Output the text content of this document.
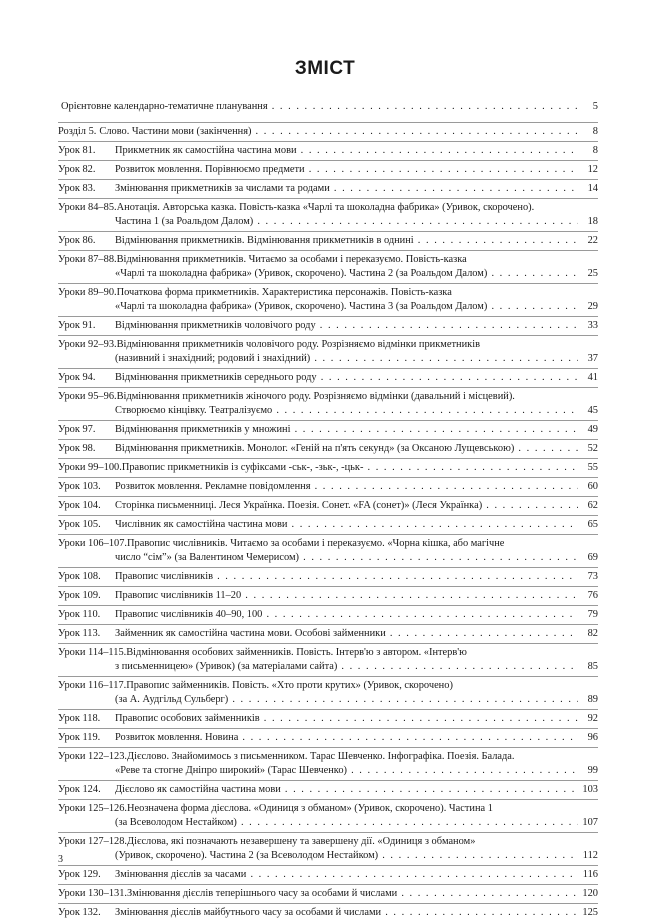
ЗМІСТ
Орієнтовне календарно-тематичне планування . . .	5
Розділ 5. Слово. Частини мови (закінчення) . . .	8
Урок 81.	Прикметник як самостійна частина мови . . .	8
Урок 82.	Розвиток мовлення. Порівнюємо предмети . . .	12
Урок 83.	Змінювання прикметників за числами та родами . . .	14
Уроки 84–85. Анотація. Авторська казка. Повість-казка «Чарлі та шоколадна фабрика» (Уривок, скорочено).
Частина 1 (за Роальдом Далом) . . .	18
Урок 86.	Відмінювання прикметників. Відмінювання прикметників в однині . . .	22
Уроки 87–88. Відмінювання прикметників. Читаємо за особами і переказуємо. Повість-казка
«Чарлі та шоколадна фабрика» (Уривок, скорочено). Частина 2 (за Роальдом Далом) . . .	25
Уроки 89–90. Початкова форма прикметників. Характеристика персонажів. Повість-казка
«Чарлі та шоколадна фабрика» (Уривок, скорочено). Частина 3 (за Роальдом Далом) . . .	29
Урок 91.	Відмінювання прикметників чоловічого роду . . .	33
Уроки 92–93. Відмінювання прикметників чоловічого роду. Розрізняємо відмінки прикметників
(називний і знахідний; родовий і знахідний) . . .	37
Урок 94.	Відмінювання прикметників середнього роду . . .	41
Уроки 95–96. Відмінювання прикметників жіночого роду. Розрізняємо відмінки (давальний і місцевий).
Створюємо кінцівку. Театралізуємо . . .	45
Урок 97.	Відмінювання прикметників у множині . . .	49
Урок 98.	Відмінювання прикметників. Монолог. «Геній на п'ять секунд» (за Оксаною Лущевською) . . .	52
Уроки 99–100. Правопис прикметників із суфіксами -ськ-, -зьк-, -цьк- . . .	55
Урок 103.	Розвиток мовлення. Рекламне повідомлення . . .	60
Урок 104.	Сторінка письменниці. Леся Українка. Поезія. Сонет. «FA (сонет)» (Леся Українка) . . .	62
Урок 105.	Числівник як самостійна частина мови . . .	65
Уроки 106–107. Правопис числівників. Читаємо за особами і переказуємо. «Чорна кішка, або магічне
число “сім”» (за Валентином Чемерисом) . . .	69
Урок 108.	Правопис числівників . . .	73
Урок 109.	Правопис числівників 11–20 . . .	76
Урок 110.	Правопис числівників 40–90, 100 . . .	79
Урок 113.	Займенник як самостійна частина мови. Особові займенники . . .	82
Уроки 114–115. Відмінювання особових займенників. Повість. Інтерв'ю з автором. «Інтерв'ю
з письменницею» (Уривок) (за матеріалами сайта) . . .	85
Уроки 116–117. Правопис займенників. Повість. «Хто проти крутих» (Уривок, скорочено)
(за А. Аудгільд Сульберг) . . .	89
Урок 118.	Правопис особових займенників . . .	92
Урок 119.	Розвиток мовлення. Новина . . .	96
Уроки 122–123. Дієслово. Знайомимось з письменником. Тарас Шевченко. Інфографіка. Поезія. Балада.
«Реве та стогне Дніпро широкий» (Тарас Шевченко) . . .	99
Урок 124.	Дієслово як самостійна частина мови . . .	103
Уроки 125–126. Неозначена форма дієслова. «Одиниця з обманом» (Уривок, скорочено). Частина 1
(за Всеволодом Нестайком) . . .	107
Уроки 127–128. Дієслова, які позначають незавершену та завершену дії. «Одиниця з обманом»
(Уривок, скорочено). Частина 2 (за Всеволодом Нестайком) . . .	112
Урок 129.	Змінювання дієслів за часами . . .	116
Уроки 130–131. Змінювання дієслів теперішнього часу за особами й числами . . .	120
Урок 132.	Змінювання дієслів майбутнього часу за особами й числами . . .	125
3
